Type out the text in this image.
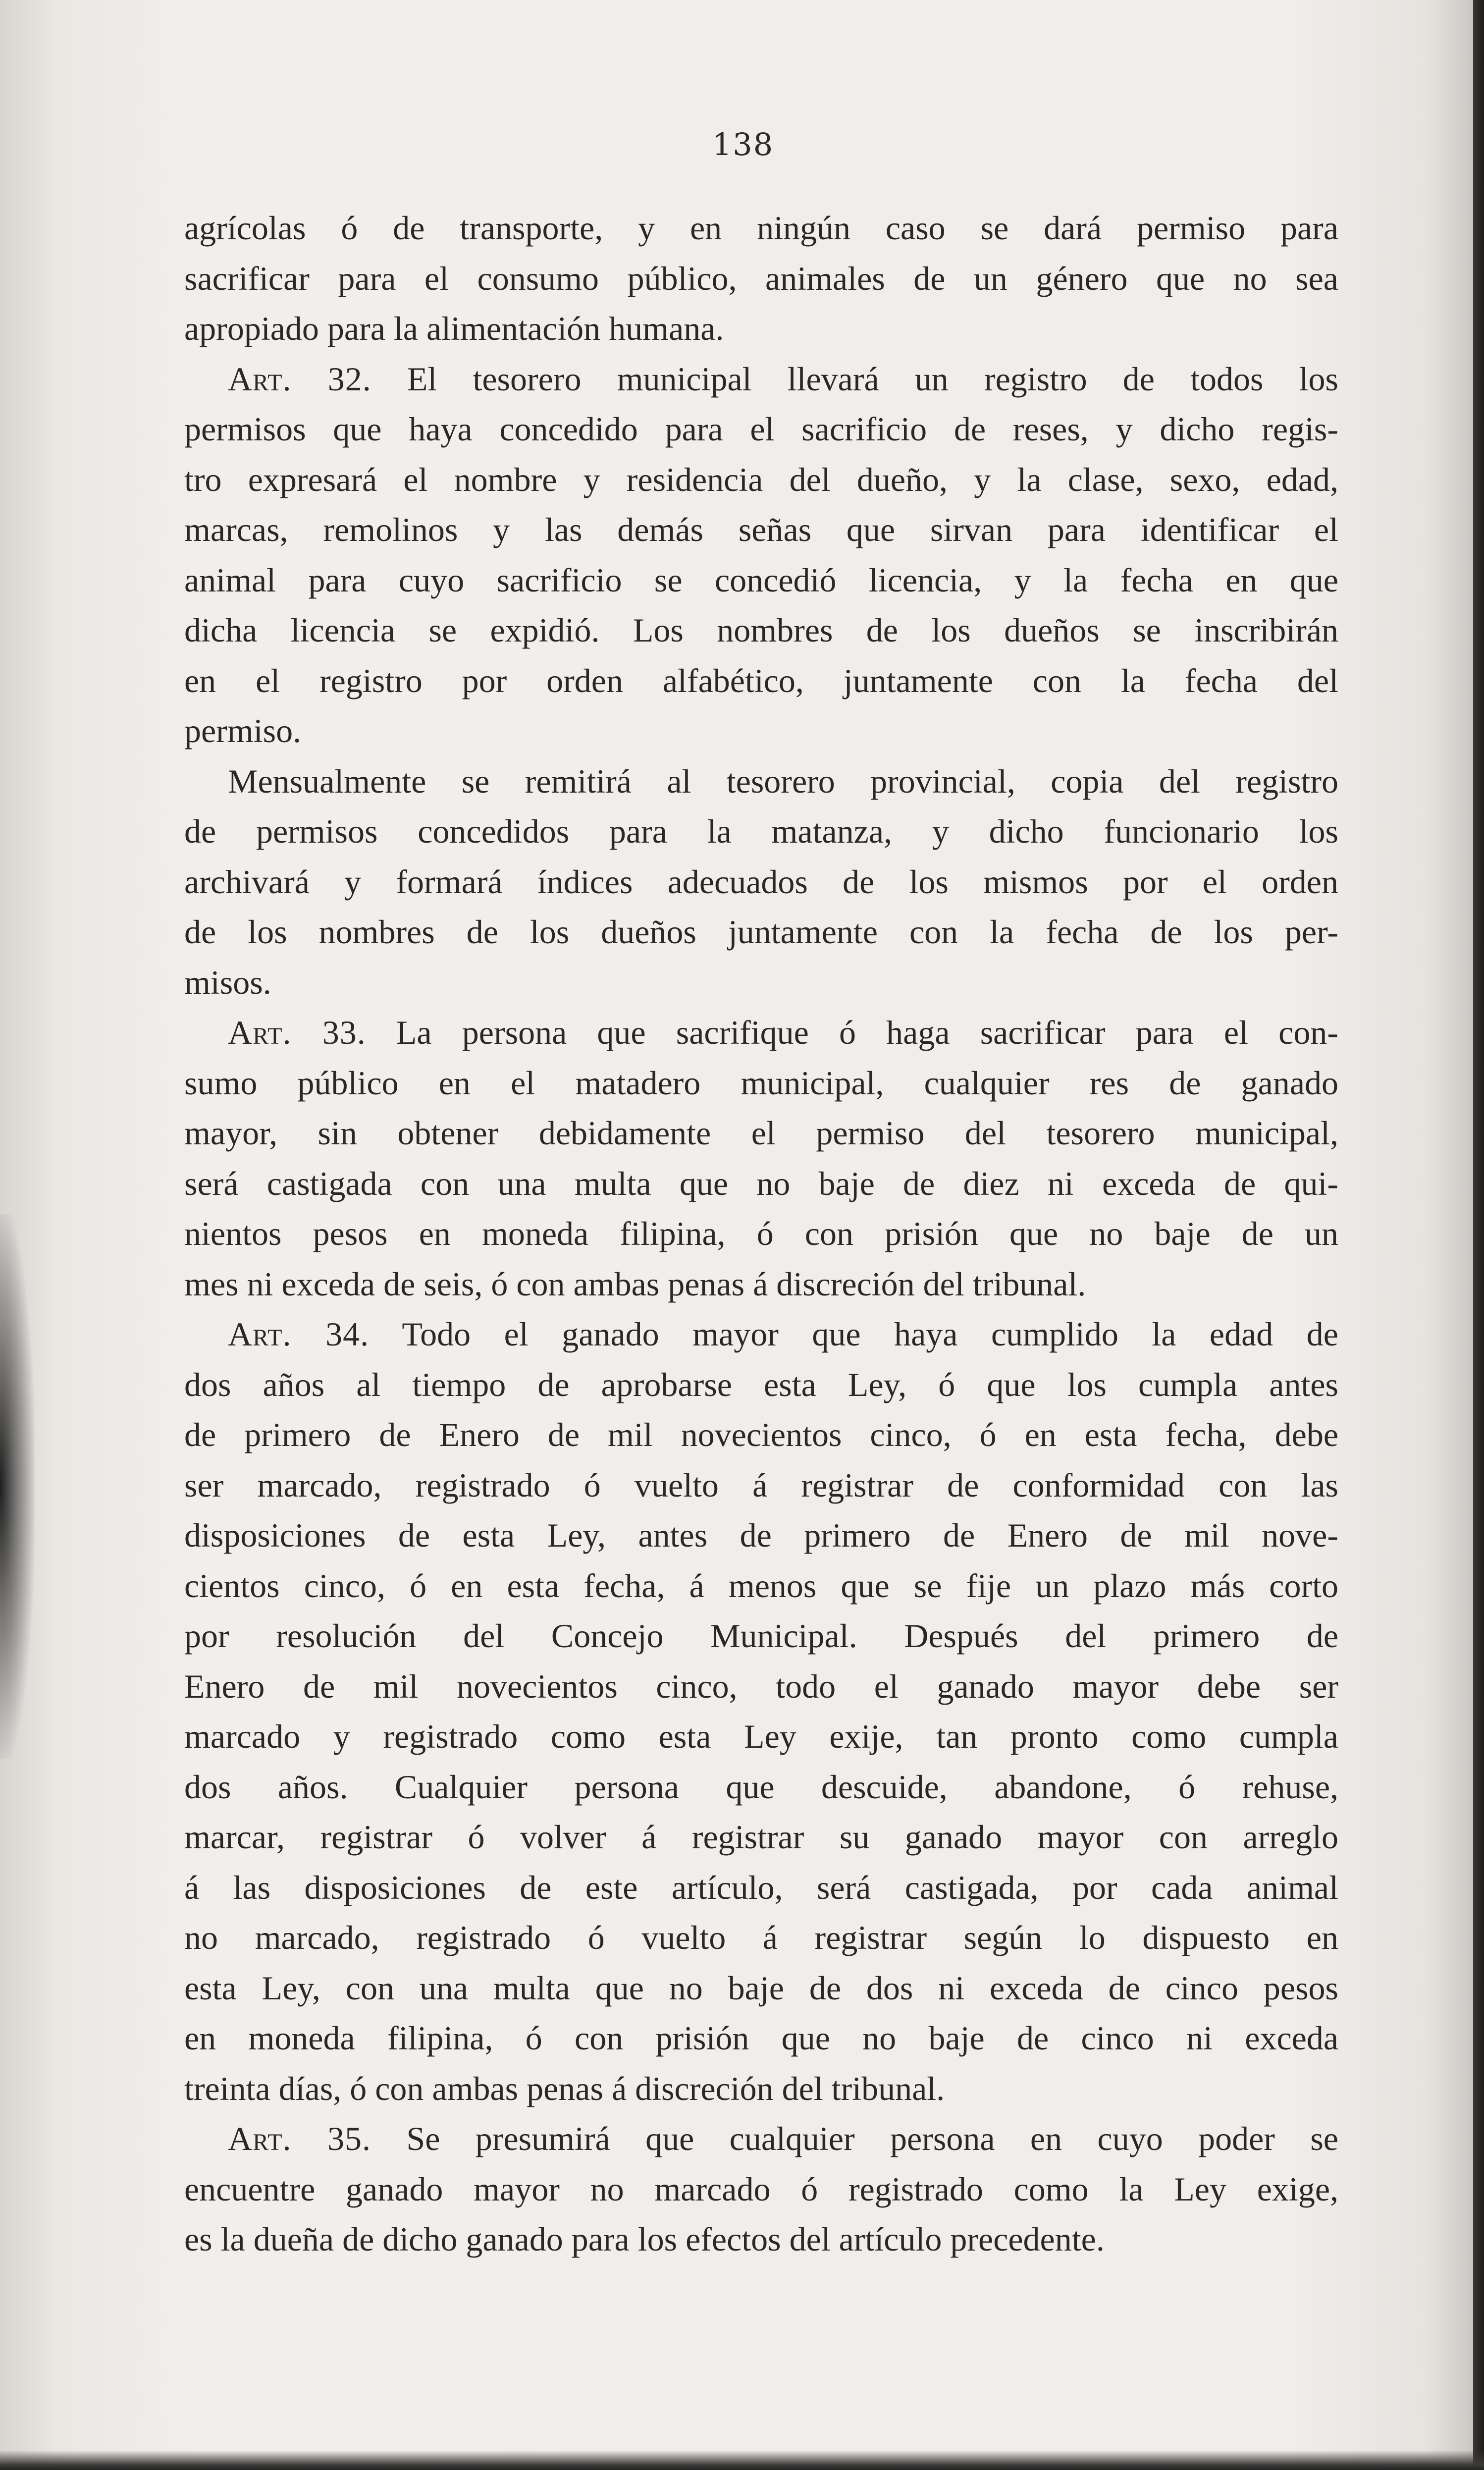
138

agrícolas ó de transporte, y en ningún caso se dará permiso para
sacrificar para el consumo público, animales de un género que no sea
apropiado para la alimentación humana.

Art. 32. El tesorero municipal llevará un registro de todos los
permisos que haya concedido para el sacrificio de reses, y dicho regis-
tro expresará el nombre y residencia del dueño, y la clase, sexo, edad,
marcas, remolinos y las demás señas que sirvan para identificar el
animal para cuyo sacrificio se concedió licencia, y la fecha en que
dicha licencia se expidió. Los nombres de los dueños se inscribirán
en el registro por orden alfabético, juntamente con la fecha del
permiso.

Mensualmente se remitirá al tesorero provincial, copia del registro
de permisos concedidos para la matanza, y dicho funcionario los
archivará y formará índices adecuados de los mismos por el orden
de los nombres de los dueños juntamente con la fecha de los per-
misos.

Art. 33. La persona que sacrifique ó haga sacrificar para el con-
sumo público en el matadero municipal, cualquier res de ganado
mayor, sin obtener debidamente el permiso del tesorero municipal,
será castigada con una multa que no baje de diez ni exceda de qui-
nientos pesos en moneda filipina, ó con prisión que no baje de un
mes ni exceda de seis, ó con ambas penas á discreción del tribunal.

Art. 34. Todo el ganado mayor que haya cumplido la edad de
dos años al tiempo de aprobarse esta Ley, ó que los cumpla antes
de primero de Enero de mil novecientos cinco, ó en esta fecha, debe
ser marcado, registrado ó vuelto á registrar de conformidad con las
disposiciones de esta Ley, antes de primero de Enero de mil nove-
cientos cinco, ó en esta fecha, á menos que se fije un plazo más corto
por resolución del Concejo Municipal. Después del primero de
Enero de mil novecientos cinco, todo el ganado mayor debe ser
marcado y registrado como esta Ley exije, tan pronto como cumpla
dos años. Cualquier persona que descuide, abandone, ó rehuse,
marcar, registrar ó volver á registrar su ganado mayor con arreglo
á las disposiciones de este artículo, será castigada, por cada animal
no marcado, registrado ó vuelto á registrar según lo dispuesto en
esta Ley, con una multa que no baje de dos ni exceda de cinco pesos
en moneda filipina, ó con prisión que no baje de cinco ni exceda
treinta días, ó con ambas penas á discreción del tribunal.

Art. 35. Se presumirá que cualquier persona en cuyo poder se
encuentre ganado mayor no marcado ó registrado como la Ley exige,
es la dueña de dicho ganado para los efectos del artículo precedente.
